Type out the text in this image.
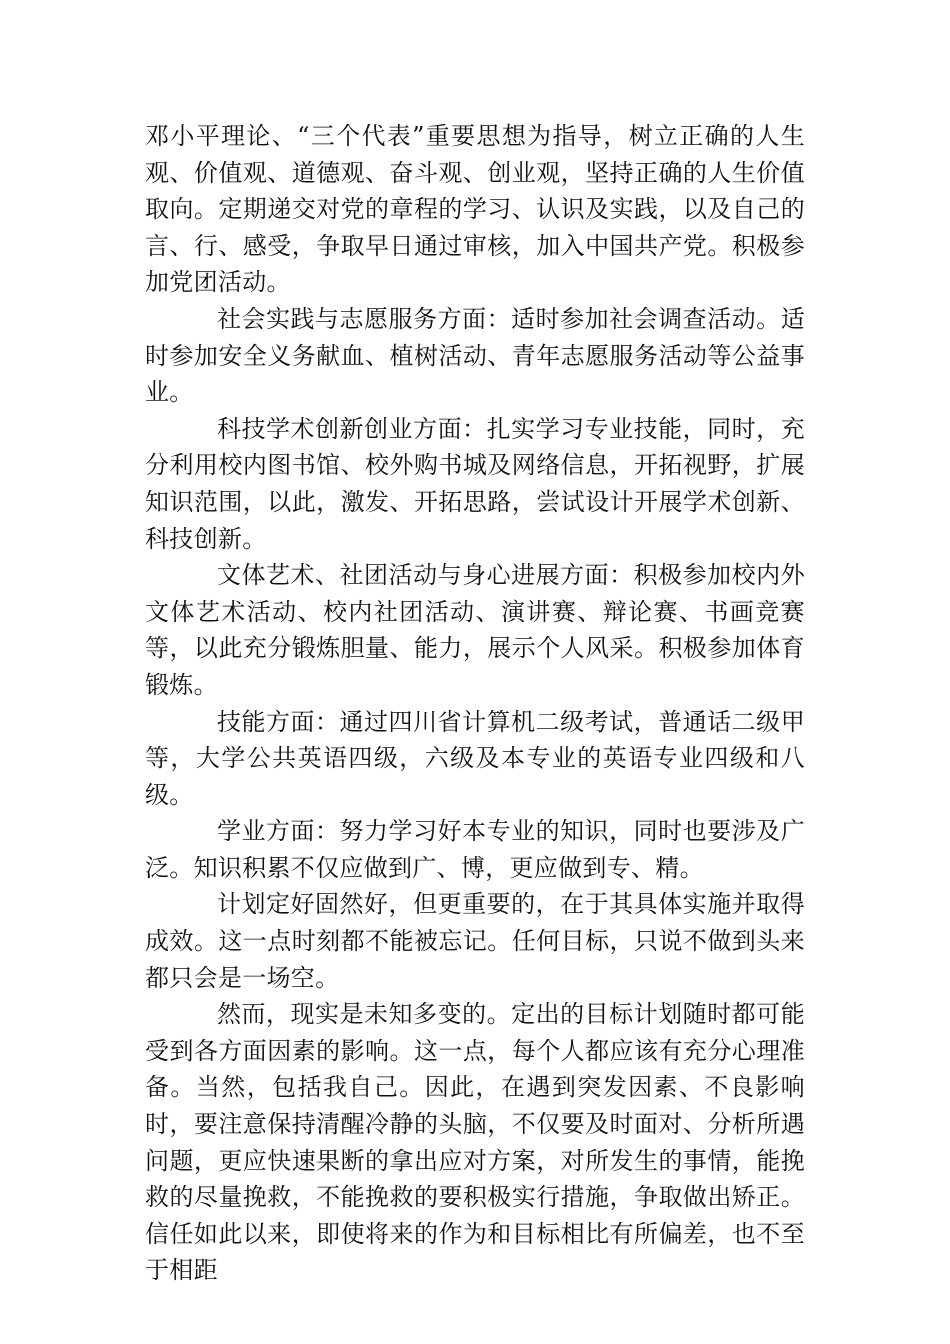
邓小平理论、“三个代表”重要思想为指导，树立正确的人生观、价值观、道德观、奋斗观、创业观，坚持正确的人生价值取向。定期递交对党的章程的学习、认识及实践，以及自己的言、行、感受，争取早日通过审核，加入中国共产党。积极参加党团活动。

社会实践与志愿服务方面：适时参加社会调查活动。适时参加安全义务献血、植树活动、青年志愿服务活动等公益事业。

科技学术创新创业方面：扎实学习专业技能，同时，充分利用校内图书馆、校外购书城及网络信息，开拓视野，扩展知识范围，以此，激发、开拓思路，尝试设计开展学术创新、科技创新。

文体艺术、社团活动与身心进展方面：积极参加校内外文体艺术活动、校内社团活动、演讲赛、辩论赛、书画竞赛等，以此充分锻炼胆量、能力，展示个人风采。积极参加体育锻炼。

技能方面：通过四川省计算机二级考试，普通话二级甲等，大学公共英语四级，六级及本专业的英语专业四级和八级。

学业方面：努力学习好本专业的知识，同时也要涉及广泛。知识积累不仅应做到广、博，更应做到专、精。

计划定好固然好，但更重要的，在于其具体实施并取得成效。这一点时刻都不能被忘记。任何目标，只说不做到头来都只会是一场空。

然而，现实是未知多变的。定出的目标计划随时都可能受到各方面因素的影响。这一点，每个人都应该有充分心理准备。当然，包括我自己。因此，在遇到突发因素、不良影响时，要注意保持清醒冷静的头脑，不仅要及时面对、分析所遇问题，更应快速果断的拿出应对方案，对所发生的事情，能挽救的尽量挽救，不能挽救的要积极实行措施，争取做出矫正。信任如此以来，即使将来的作为和目标相比有所偏差，也不至于相距
